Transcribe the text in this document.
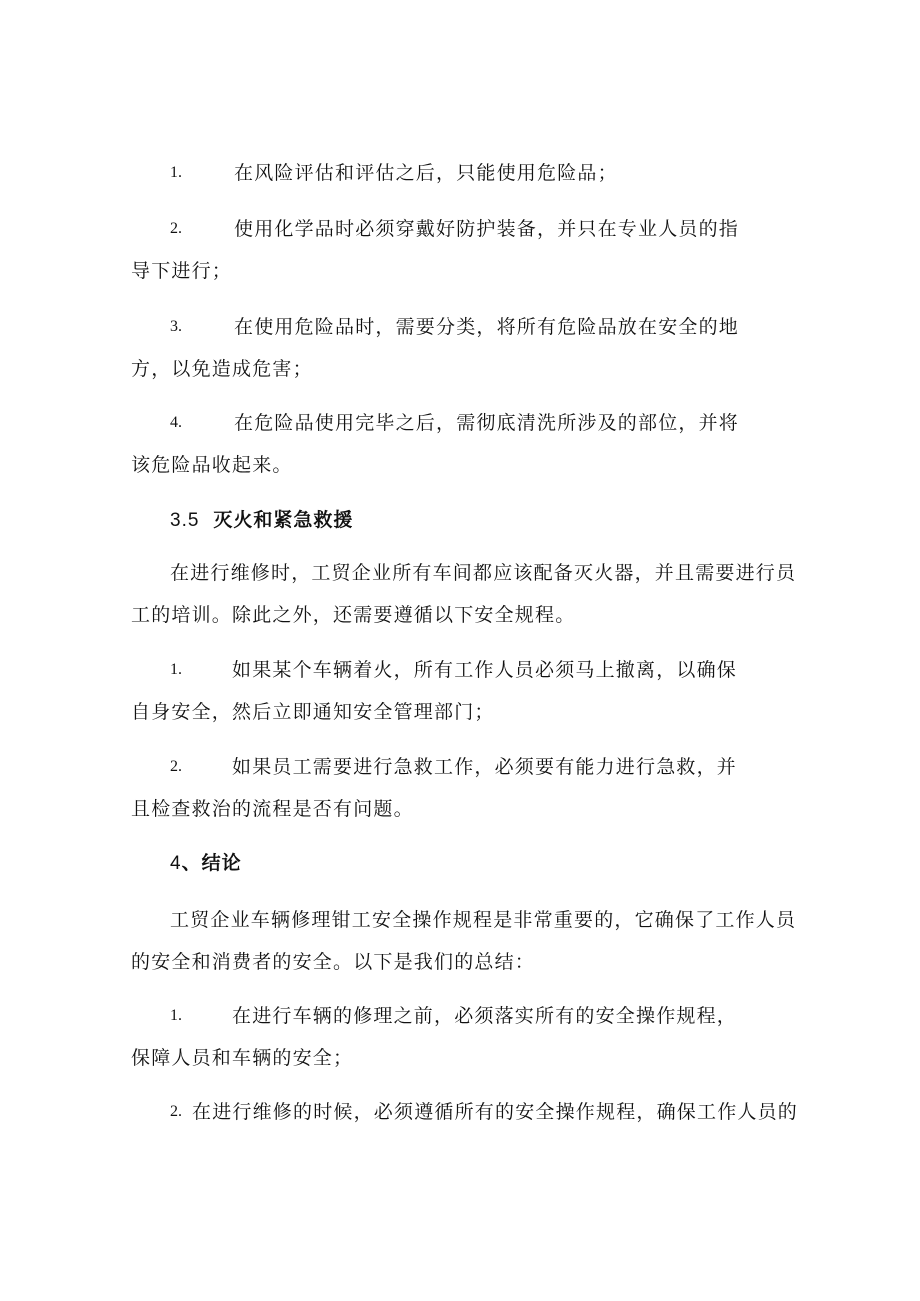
1.	在风险评估和评估之后，只能使用危险品；
2.	使用化学品时必须穿戴好防护装备，并只在专业人员的指
导下进行；
3.	在使用危险品时，需要分类，将所有危险品放在安全的地
方，以免造成危害；
4.	在危险品使用完毕之后，需彻底清洗所涉及的部位，并将
该危险品收起来。
3.5 灭火和紧急救援
在进行维修时，工贸企业所有车间都应该配备灭火器，并且需要进行员
工的培训。除此之外，还需要遵循以下安全规程。
1.	如果某个车辆着火，所有工作人员必须马上撤离，以确保
自身安全，然后立即通知安全管理部门；
2.	如果员工需要进行急救工作，必须要有能力进行急救，并
且检查救治的流程是否有问题。
4、结论
工贸企业车辆修理钳工安全操作规程是非常重要的，它确保了工作人员
的安全和消费者的安全。以下是我们的总结：
1.	在进行车辆的修理之前，必须落实所有的安全操作规程，
保障人员和车辆的安全；
2. 在进行维修的时候，必须遵循所有的安全操作规程，确保工作人员的
